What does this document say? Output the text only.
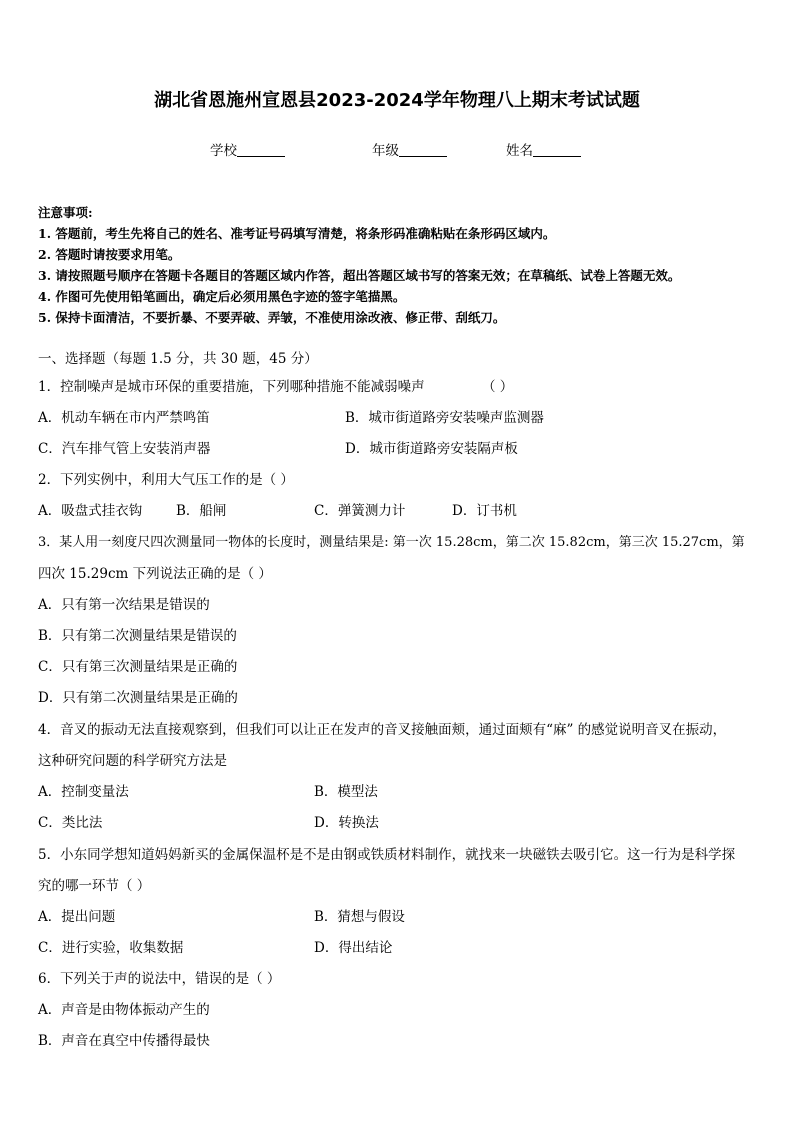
湖北省恩施州宣恩县2023-2024学年物理八上期末考试试题
学校	年级	姓名
注意事项:
1. 答题前，考生先将自己的姓名、准考证号码填写清楚，将条形码准确粘贴在条形码区域内。
2. 答题时请按要求用笔。
3. 请按照题号顺序在答题卡各题目的答题区域内作答，超出答题区域书写的答案无效；在草稿纸、试卷上答题无效。
4. 作图可先使用铅笔画出，确定后必须用黑色字迹的签字笔描黑。
5. 保持卡面清洁，不要折暴、不要弄破、弄皱，不准使用涂改液、修正带、刮纸刀。
一、选择题（每题 1.5 分，共 30 题，45 分）
1．控制噪声是城市环保的重要措施，下列哪种措施不能减弱噪声	（ ）
A．机动车辆在市内严禁鸣笛	B．城市街道路旁安装噪声监测器
C．汽车排气管上安装消声器	D．城市街道路旁安装隔声板
2．下列实例中，利用大气压工作的是（ ）
A．吸盘式挂衣钩	B．船闸	C．弹簧测力计	D．订书机
3．某人用一刻度尺四次测量同一物体的长度时，测量结果是: 第一次 15.28cm，第二次 15.82cm，第三次 15.27cm，第
四次 15.29cm 下列说法正确的是（ ）
A．只有第一次结果是错误的
B．只有第二次测量结果是错误的
C．只有第三次测量结果是正确的
D．只有第二次测量结果是正确的
4．音叉的振动无法直接观察到，但我们可以让正在发声的音叉接触面颊，通过面颊有“麻” 的感觉说明音叉在振动，
这种研究问题的科学研究方法是
A．控制变量法	B．模型法
C．类比法	D．转换法
5．小东同学想知道妈妈新买的金属保温杯是不是由钢或铁质材料制作，就找来一块磁铁去吸引它。这一行为是科学探
究的哪一环节（ ）
A．提出问题	B．猜想与假设
C．进行实验，收集数据	D．得出结论
6．下列关于声的说法中，错误的是（ ）
A．声音是由物体振动产生的
B．声音在真空中传播得最快
